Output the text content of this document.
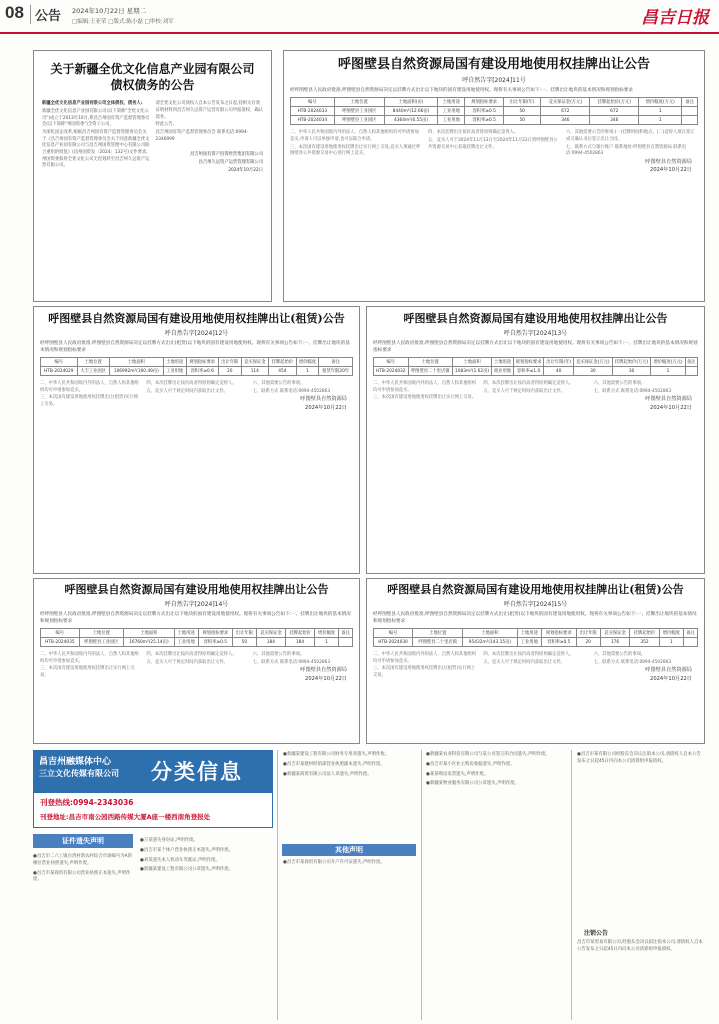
08 公告 2024年10月22日 星期二
□编辑:王亚荣 □版式:陈小磊 □审校:刘军	昌吉日报
关于新疆全优文化信息产业园有限公司
债权债务的公告

新疆全优文化信息产业园有限公司全体债权、债务人:

新疆全优文化信息产业园有限公司(以下简称"全优文化公司")成立于2013年10月,系昌吉州国有资产监督管理委员会(以下简称"州国资委")全资子公司。

为深化国企改革,根据昌吉州国有资产监督管理委员会关于《昌吉州国有资产监督管理委员会关于同意新疆全优文化信息产业园有限公司与昌吉州国资管理中心有限公司联合重组的批复》(昌州国资发〔2024〕132号)文件要求,州国资委拟将全优文化公司无偿划转至昌吉州久远资产运营有限公司。

请全优文化公司债权人自本公告发布之日起,持相关有效证明材料到昌吉州久远资产运营有限公司申报债权、确认债务。

特此公告。

昌吉州国有资产监督管理委员会 联系电话:0994-2346999

昌吉州国有资产投资经营集团有限公司

昌吉州久远资产运营管理有限公司

2024年10月22日

呼图壁县自然资源局国有建设用地使用权挂牌出让公告
呼自然告字[2024]11号
经呼图壁县人民政府批准,呼图壁县自然资源局决定以挂牌方式出让以下地块的国有建设用地使用权。现将有关事项公告如下:一、挂牌出让地块的基本情况和规划指标要求
编号	土地位置	土地面积(亩)	土地用途	规划指标要求	出让年限(年)	竞买保证金(万元)	挂牌起始价(万元)	增价幅度(万元)	备注
HTB-2024033	呼图壁县工业园区	8440m²(12.66亩)	工业用地	容积率≥0.5	50	672	672	1	
HTB-2024034	呼图壁县工业园区	4364m²(6.55亩)	工业用地	容积率≥0.5	50	346	346	1	

二、中华人民共和国境内外的法人、自然人和其他组织均可申请参加竞买,申请人可以单独申请,也可以联合申请。

三、本次国有建设用地使用权挂牌出让实行网上交易,竞买人须通过呼图壁县公共资源交易中心进行网上竞买。

四、本次挂牌出让按价高者得原则确定竞得人。

五、竞买人可于2024年11月13日至2024年11月22日到呼图壁县公共资源交易中心获取挂牌出让文件。

六、其他需要公告的事项:(一)挂牌时间和地点。(二)竞得人须在签订成交确认书后签订出让合同。

七、联系方式与银行账户 联系地址:呼图壁县自然资源局 联系电话:0994-4502863

呼图壁县自然资源局

2024年10月22日

呼图壁县自然资源局国有建设用地使用权挂牌出让(租赁)公告
呼自然告字[2024]12号
经呼图壁县人民政府批准,呼图壁县自然资源局决定以挂牌方式出让(租赁)以下地块的国有建设用地使用权。现将有关事项公告如下:一、挂牌出让地块的基本情况和规划指标要求
编号	土地位置	土地面积	土地用途	规划指标要求	出让年限	竞买保证金	挂牌起始价	增价幅度	备注
HTB-2024029	大丰工业园区	106992m²(160.49亩)	工业用地	容积率≥0.6	20	114	454	1	租赁年限20年

二、中华人民共和国境内外的法人、自然人和其他组织均可申请参加竞买。

三、本次国有建设用地使用权挂牌出让(租赁)实行网上交易。

四、本次挂牌出让按价高者得原则确定竞得人。

五、竞买人可于规定时间内获取出让文件。

六、其他需要公告的事项。

七、联系方式 联系电话:0994-4502863

呼图壁县自然资源局

2024年10月22日

呼图壁县自然资源局国有建设用地使用权挂牌出让公告
呼自然告字[2024]13号
经呼图壁县人民政府批准,呼图壁县自然资源局决定以挂牌方式出让以下地块的国有建设用地使用权。现将有关事项公告如下:一、挂牌出让地块的基本情况和规划指标要求
编号	土地位置	土地面积	土地用途	规划指标要求	出让年限(年)	竞买保证金(万元)	挂牌起始价(万元)	增价幅度(万元)	备注
HTB-2024032	呼图壁县二十里店镇	1083m²(1.62亩)	商业用地	容积率≤1.0	40	30	30	1	

二、中华人民共和国境内外的法人、自然人和其他组织均可申请参加竞买。

三、本次国有建设用地使用权挂牌出让实行网上交易。

四、本次挂牌出让按价高者得原则确定竞得人。

五、竞买人可于规定时间内获取出让文件。

六、其他需要公告的事项。

七、联系方式 联系电话:0994-4502863

呼图壁县自然资源局

2024年10月22日

呼图壁县自然资源局国有建设用地使用权挂牌出让公告
呼自然告字[2024]14号
经呼图壁县人民政府批准,呼图壁县自然资源局决定以挂牌方式出让以下地块的国有建设用地使用权。现将有关事项公告如下:一、挂牌出让地块的基本情况和规划指标要求
编号	土地位置	土地面积	土地用途	规划指标要求	出让年限	竞买保证金	挂牌起始价	增价幅度	备注
HTB-2024035	呼图壁县工业园区	16760m²(25.14亩)	工业用地	容积率≥0.5	50	184	184	1	

二、中华人民共和国境内外的法人、自然人和其他组织均可申请参加竞买。

三、本次国有建设用地使用权挂牌出让实行网上交易。

四、本次挂牌出让按价高者得原则确定竞得人。

五、竞买人可于规定时间内获取出让文件。

六、其他需要公告的事项。

七、联系方式 联系电话:0994-4502863

呼图壁县自然资源局

2024年10月22日

呼图壁县自然资源局国有建设用地使用权挂牌出让(租赁)公告
呼自然告字[2024]15号
经呼图壁县人民政府批准,呼图壁县自然资源局决定以挂牌方式出让(租赁)以下地块的国有建设用地使用权。现将有关事项公告如下:一、挂牌出让地块的基本情况和规划指标要求
编号	土地位置	土地面积	土地用途	规划指标要求	出让年限	竞买保证金	挂牌起始价	增价幅度	备注
HTB-2024030	呼图壁县二十里店镇	95432m²(143.15亩)	工业用地	容积率≥0.5	20	176	352	1	

二、中华人民共和国境内外的法人、自然人和其他组织均可申请参加竞买。

三、本次国有建设用地使用权挂牌出让(租赁)实行网上交易。

四、本次挂牌出让按价高者得原则确定竞得人。

五、竞买人可于规定时间内获取出让文件。

六、其他需要公告的事项。

七、联系方式 联系电话:0994-4502863

呼图壁县自然资源局

2024年10月22日

昌吉州融媒体中心
三立文化传媒有限公司 分类信息
刊登热线:0994-2343036
刊登地址:昌吉市南公园西路传媒大厦A座一楼西南角登报处
证件遗失声明

●昌吉市二六工镇台湾村新农村综合市场编号为A的摊位营业执照遗失,声明作废。

●昌吉市某商贸有限公司营业执照正本遗失,声明作废。

●万某遗失身份证,声明作废。

●昌吉市某个体户营业执照正本遗失,声明作废。

●刘某遗失本人机动车驾驶证,声明作废。

●新疆某建设工程有限公司公章遗失,声明作废。

●新疆某建设工程有限公司财务专用章遗失,声明作废。

●昌吉市某建材经销部营业执照副本遗失,声明作废。

●新疆某商贸有限公司法人章遗失,声明作废。

其他声明

●昌吉市某商贸有限公司开户许可证遗失,声明作废。

●新疆某农业科技有限公司与某公司签订的合同遗失,声明作废。

●昌吉市某小区业主购房收据遗失,声明作废。

●某某购房发票遗失,声明作废。

●新疆某物业服务有限公司公章遗失,声明作废。

●昌吉市某有限公司经股东会决议注销本公司,请债权人自本公告发布之日起45日内向本公司清算组申报债权。

注销公告

昌吉市某贸易有限公司,经股东会决议拟注销本公司,请债权人自本公告发布之日起45日内向本公司清算组申报债权。
